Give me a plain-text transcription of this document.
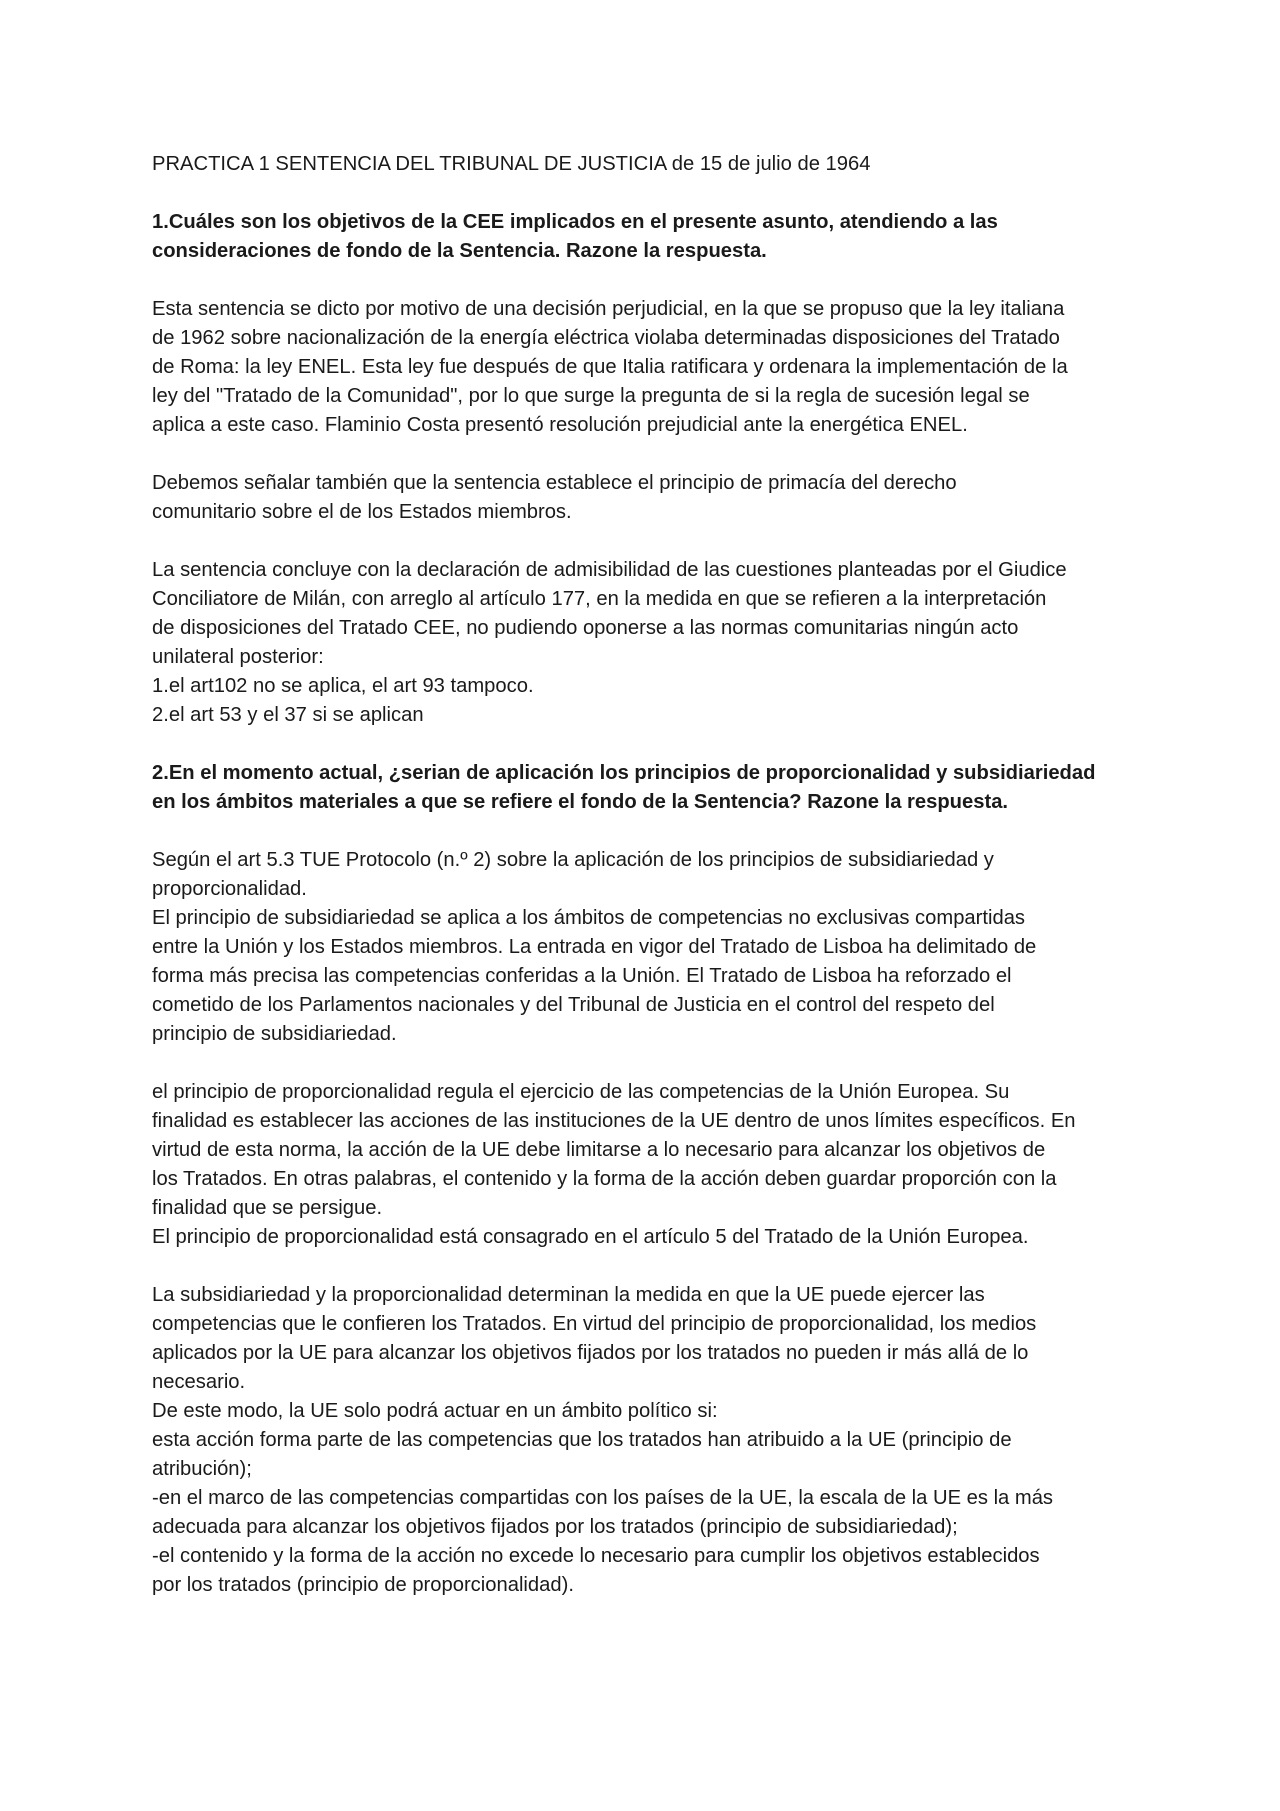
PRACTICA 1 SENTENCIA DEL TRIBUNAL DE JUSTICIA de 15 de julio de 1964
1.Cuáles son los objetivos de la CEE implicados en el presente asunto, atendiendo a las
consideraciones de fondo de la Sentencia. Razone la respuesta.
Esta sentencia se dicto por motivo de una decisión perjudicial, en la que se propuso que la ley italiana
de 1962 sobre nacionalización de la energía eléctrica violaba determinadas disposiciones del Tratado
de Roma: la ley ENEL. Esta ley fue después de que Italia ratificara y ordenara la implementación de la
ley del "Tratado de la Comunidad", por lo que surge la pregunta de si la regla de sucesión legal se
aplica a este caso. Flaminio Costa presentó resolución prejudicial ante la energética ENEL.
Debemos señalar también que la sentencia establece el principio de primacía del derecho
comunitario sobre el de los Estados miembros.
La sentencia concluye con la declaración de admisibilidad de las cuestiones planteadas por el Giudice
Conciliatore de Milán, con arreglo al artículo 177, en la medida en que se refieren a la interpretación
de disposiciones del Tratado CEE, no pudiendo oponerse a las normas comunitarias ningún acto
unilateral posterior:
1.el art102 no se aplica, el art 93 tampoco.
2.el art 53 y el 37 si se aplican
2.En el momento actual, ¿serian de aplicación los principios de proporcionalidad y subsidiariedad
en los ámbitos materiales a que se refiere el fondo de la Sentencia? Razone la respuesta.
Según el art 5.3 TUE Protocolo (n.º 2) sobre la aplicación de los principios de subsidiariedad y
proporcionalidad.
El principio de subsidiariedad se aplica a los ámbitos de competencias no exclusivas compartidas
entre la Unión y los Estados miembros. La entrada en vigor del Tratado de Lisboa ha delimitado de
forma más precisa las competencias conferidas a la Unión. El Tratado de Lisboa ha reforzado el
cometido de los Parlamentos nacionales y del Tribunal de Justicia en el control del respeto del
principio de subsidiariedad.
el principio de proporcionalidad regula el ejercicio de las competencias de la Unión Europea. Su
finalidad es establecer las acciones de las instituciones de la UE dentro de unos límites específicos. En
virtud de esta norma, la acción de la UE debe limitarse a lo necesario para alcanzar los objetivos de
los Tratados. En otras palabras, el contenido y la forma de la acción deben guardar proporción con la
finalidad que se persigue.
El principio de proporcionalidad está consagrado en el artículo 5 del Tratado de la Unión Europea.
La subsidiariedad y la proporcionalidad determinan la medida en que la UE puede ejercer las
competencias que le confieren los Tratados. En virtud del principio de proporcionalidad, los medios
aplicados por la UE para alcanzar los objetivos fijados por los tratados no pueden ir más allá de lo
necesario.
De este modo, la UE solo podrá actuar en un ámbito político si:
esta acción forma parte de las competencias que los tratados han atribuido a la UE (principio de
atribución);
-en el marco de las competencias compartidas con los países de la UE, la escala de la UE es la más
adecuada para alcanzar los objetivos fijados por los tratados (principio de subsidiariedad);
-el contenido y la forma de la acción no excede lo necesario para cumplir los objetivos establecidos
por los tratados (principio de proporcionalidad).
